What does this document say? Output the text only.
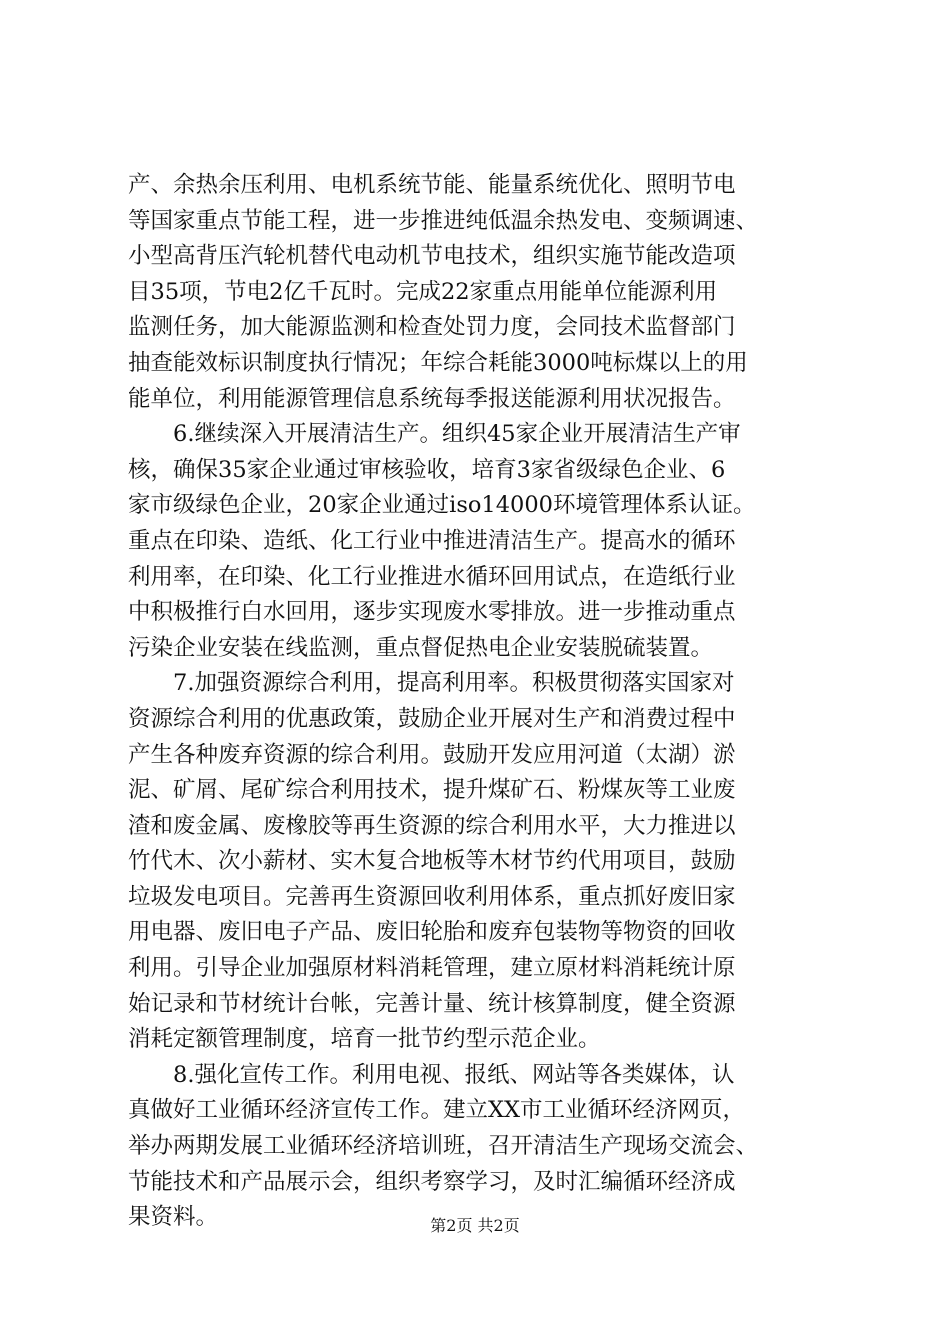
产、余热余压利用、电机系统节能、能量系统优化、照明节电
等国家重点节能工程，进一步推进纯低温余热发电、变频调速、
小型高背压汽轮机替代电动机节电技术，组织实施节能改造项
目35项，节电2亿千瓦时。完成22家重点用能单位能源利用
监测任务，加大能源监测和检查处罚力度，会同技术监督部门
抽查能效标识制度执行情况；年综合耗能3000吨标煤以上的用
能单位，利用能源管理信息系统每季报送能源利用状况报告。
　　6.继续深入开展清洁生产。组织45家企业开展清洁生产审
核，确保35家企业通过审核验收，培育3家省级绿色企业、6
家市级绿色企业，20家企业通过iso14000环境管理体系认证。
重点在印染、造纸、化工行业中推进清洁生产。提高水的循环
利用率，在印染、化工行业推进水循环回用试点，在造纸行业
中积极推行白水回用，逐步实现废水零排放。进一步推动重点
污染企业安装在线监测，重点督促热电企业安装脱硫装置。
　　7.加强资源综合利用，提高利用率。积极贯彻落实国家对
资源综合利用的优惠政策，鼓励企业开展对生产和消费过程中
产生各种废弃资源的综合利用。鼓励开发应用河道（太湖）淤
泥、矿屑、尾矿综合利用技术，提升煤矿石、粉煤灰等工业废
渣和废金属、废橡胶等再生资源的综合利用水平，大力推进以
竹代木、次小薪材、实木复合地板等木材节约代用项目，鼓励
垃圾发电项目。完善再生资源回收利用体系，重点抓好废旧家
用电器、废旧电子产品、废旧轮胎和废弃包装物等物资的回收
利用。引导企业加强原材料消耗管理，建立原材料消耗统计原
始记录和节材统计台帐，完善计量、统计核算制度，健全资源
消耗定额管理制度，培育一批节约型示范企业。
　　8.强化宣传工作。利用电视、报纸、网站等各类媒体，认
真做好工业循环经济宣传工作。建立XX市工业循环经济网页，
举办两期发展工业循环经济培训班，召开清洁生产现场交流会、
节能技术和产品展示会，组织考察学习，及时汇编循环经济成
果资料。	第2页 共2页
